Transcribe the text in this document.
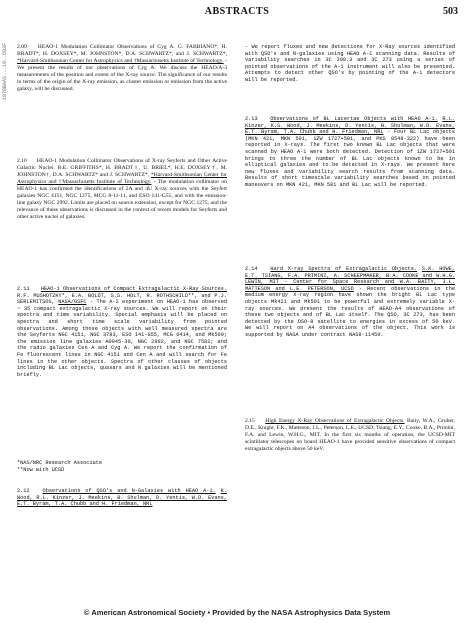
ABSTRACTS	503
1978BAAS...10..503F	2.09 HEAO-1 Modulation Collimator Observations of Cyg A. G. FABBIANO*, H. BRADT*, H. DOXSEY*, M. JOHNSTON*, D.A. SCHWARTZ*, and J. SCHWARTZ*, *Harvard-Smithsonian Center for Astrophysics and †Massachusetts Institute of Technology. - We present the results of our observations of Cyg A. We discuss the HEAO/A-3 measurements of the position and extent of the X-ray source. The significance of our results in terms of the origin of the X-ray emission, as cluster emission or emission from the active galaxy, will be discussed.

2.10 HEAO-1 Modulation Collimator Observations of X-ray Seyferts and Other Active Galactic Nuclei. R.E. GRIFFITHS*, H. BRADT†, U. BRIEL*, H.E. DOXSEY†, M. JOHNSTON†, D.A. SCHWARTZ* and J. SCHWARTZ*, *Harvard-Smithsonian Center for Astrophysics and †Massachusetts Institute of Technology. - The modulation collimator on HEAO-1 has confirmed the identifications of 2A and 4U X-ray sources with the Seyfert galaxies NGC 4151, NGC 1275, MCG 8-11-11, and ESO 141-G55, and with the emission-line galaxy NGC 2992. Limits are placed on source extension, except for NGC 1275, and the relevance of these observations is discussed in the context of recent models for Seyferts and other active nuclei of galaxies.

2.11 HEAO-1 Observations of Compact Extragalactic X-Ray Sources. R.F. MUSHOTZKY*, E.A. BOLDT, S.S. HOLT, R. ROTHSCHILD**, and P.J. SERLEMITSOS, NASA/GSFC - The A-2 experiment on HEAO-1 has observed ~ 35 compact extragalactic X-ray sources. We will report on their spectra and time variability. Special emphasis will be placed on spectra and short time scale variability from pointed observations. Among those objects with well measured spectra are the Seyferts NGC 4151, NGC 3783, ESO 141-G55, MCG 6414, and Mk509; the emission line galaxies A0945-30, NGC 2992, and NGC 7582; and the radio galaxies Cen A and Cyg A. We report the confirmation of Fe fluorescent lines in NGC 4151 and Cen A and will search for Fe lines in the other objects. Spectra of other classes of objects including BL Lac objects, quasars and N galaxies will be mentioned briefly.

*NAS/NRC Research Associate
**Now with UCSD

2.12 Observations of QSO's and N-Galaxies with HEAO A-1. K. Wood, R.L. Kinzer, J. Meekins, B. Shulman, D. Yentis, W.D. Evans, E.T. Byram, T.A. Chubb and H. Friedman, NRL

- We report fluxes and new detections for X-Ray sources identified with QSO's and N-galaxies using HEAO A-1 scanning data. Results of variability searches in 3C 390.3 and 3C 273 using a series of pointed observations of the A-1 instrument will also be presented. Attempts to detect other QSO's by pointing of the A-1 detectors will be reported.

2.13 Observations of BL Lacertae Objects with HEAO A-1. R.L. Kinzer, K.S. Wood, J. Meekins, D. Yentis, B. Shulman, W.D. Evans, E.T. Byram, T.A. Chubb and H. Friedman, NRL - Four BL Lac objects (MKN 421, MKN 501, 1ZW 1727+501, and PKS 0548-322) have been reported in X-rays. The first two known BL Lac objects that were scanned by HEAO A-1 were both detected. Detection of 1ZW 1727+501 brings to three the number of BL Lac objects known to be in elliptical galaxies and to be detected in X-rays. We present here new fluxes and variability search results from scanning data. Results of short timescale variability searches based on pointed maneuvers on MKN 421, MKN 501 and BL Lac will be reported.

2.14 Hard X-ray Spectra of Extragalactic Objects. S.K. HOWE, E.T. TSIANG, F.A. PRIMINI, A. SCHEEPMAKER, B.A. COOKE and W.H.G. LEWIN, MIT - Center for Space Research and W.A. BAITY, J.L. MATTESON and L.E. PETERSON, UCSD - Recent observations in the medium energy X-ray region have shown the bright BL Lac type objects Mk421 and Mk501 to be powerful and extremely variable X-ray sources. We present the results of HEAO-A4 observations of these two objects and of BL Lac itself. The QSO, 3C 273, has been detected by the OSO-8 satellite to energies in excess of 50 keV. We will report on A4 observations of the object. This work is supported by NASA under contract NAS8-11450.

2.15 High Energy X-Ray Observations of Extragalactic Objects. Baity, W.A., Gruber, D.E., Knight, F.K., Matteson, J.L., Peterson, L.E., UCSD; Tsiang, E.Y., Cooke, B.A., Primini, F.A. and Lewin, W.H.G., MIT. In the first six months of operation, the UCSD-MIT scintillator telescopes on board HEAO-1 have provided sensitive observations of compact extragalactic objects above 50 keV.

© American Astronomical Society • Provided by the NASA Astrophysics Data System
